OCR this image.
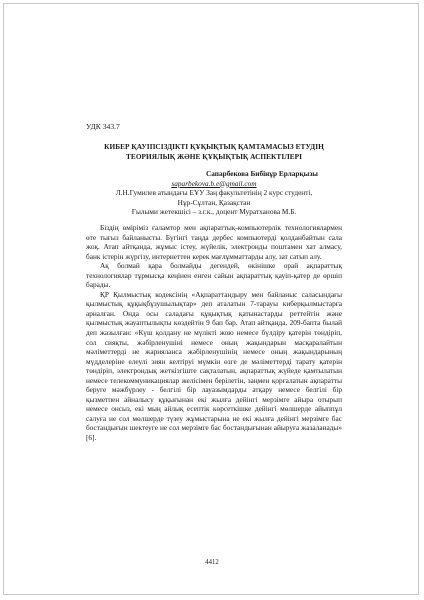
УДК 343.7
КИБЕР ҚАУІПСІЗДІКТІ ҚҰҚЫҚТЫҚ ҚАМТАМАСЫЗ ЕТУДІҢ
ТЕОРИЯЛЫҚ ЖӘНЕ ҚҰҚЫҚТЫҚ АСПЕКТІЛЕРІ
Сапарбекова Бибінұр Ерларқызы
saparbekova.b.e@gmail.com
Л.Н.Гумилев атындағы ЕҰУ Заң факультетінің 2 курс студенті,
Нұр-Сұлтан, Қазақстан
Ғылыми жетекшісі – з.г.к., доцент Муратханова М.Б.

Біздің өміріміз ғаламтор мен ақпараттық-компьютерлік технологиялармен өте тығыз байланысты. Бүгінгі таңда дербес компьютерді қолданбайтын сала жоқ. Атап айтқанда, жұмыс істеу, жүйелік, электронды поштамен хат алмасу, банк істерін жүргізу, интернеттен керек мағлұмматтарды алу, зат сатып алу.

Ақ болмай қара болмайды дегендей, өкінішке орай ақпараттық технологиялар тұрмысқа кеңінен енген сайын ақпараттық қауіп-қатер де өршіп барады.

ҚР Қылмыстық кодексінің «Ақпараттандыру мен байланыс саласындағы қылмыстық құқықбұзушылықтар» деп аталатын 7-тарауы киберқылмыстарға арналған. Онда осы саладағы құқықтық қатынастарды реттейтін және қылмыстық жауаптылықты көздейтін 9 бап бар. Атап айтқанда, 209-бапта былай деп жазылған: «Күш қолдану не мүлікті жою немесе бүлдіру қатерін төндіріп, сол сияқты, жәбірленушіні немесе оның жақындарын масқаралайтын мәліметтерді не жарияланса жәбірленушінің немесе оның жақындарының мүдделеріне елеулі зиян келтіруі мүмкін өзге де мәліметтерді тарату қатерін төндіріп, электрондық жеткізгіште сақталатын, ақпараттық жүйеде қамтылатын немесе телекоммуникациялар желісімен берілетін, заңмен қорғалатын ақпаратты беруге мәжбүрлеу - белгілі бір лауазымдарды атқару немесе белгілі бір қызметпен айналысу құқығынан екі жылға дейінгі мерзімге айыра отырып немесе онсыз, екі мың айлық есептік көрсеткішке дейінгі мөлшерде айыппұл салуға не сол мөлшерде түзеу жұмыстарына не екі жылға дейінгі мерзімге бас бостандығын шектеуге не сол мерзімге бас бостандығынан айыруға жазаланады» [6].

4412
